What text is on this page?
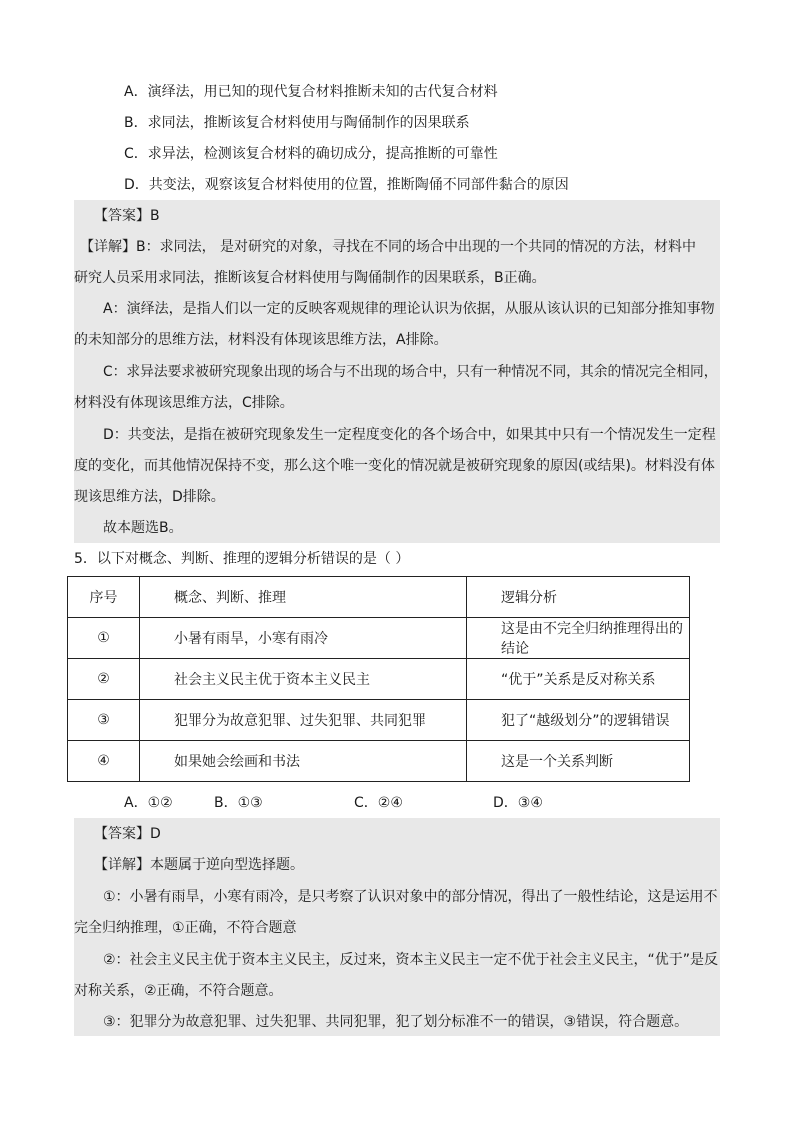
A．演绎法，用已知的现代复合材料推断未知的古代复合材料
B．求同法，推断该复合材料使用与陶俑制作的因果联系
C．求异法，检测该复合材料的确切成分，提高推断的可靠性
D．共变法，观察该复合材料使用的位置，推断陶俑不同部件黏合的原因
【答案】B
【详解】B：求同法， 是对研究的对象，寻找在不同的场合中出现的一个共同的情况的方法，材料中
研究人员采用求同法，推断该复合材料使用与陶俑制作的因果联系，B正确。
A：演绎法，是指人们以一定的反映客观规律的理论认识为依据，从服从该认识的已知部分推知事物
的未知部分的思维方法，材料没有体现该思维方法，A排除。
C：求异法要求被研究现象出现的场合与不出现的场合中，只有一种情况不同，其余的情况完全相同，
材料没有体现该思维方法，C排除。
D：共变法，是指在被研究现象发生一定程度变化的各个场合中，如果其中只有一个情况发生一定程
度的变化，而其他情况保持不变，那么这个唯一变化的情况就是被研究现象的原因(或结果)。材料没有体
现该思维方法，D排除。
故本题选B。
5．以下对概念、判断、推理的逻辑分析错误的是（ ）
序号	概念、判断、推理	逻辑分析
①	小暑有雨旱，小寒有雨冷	这是由不完全归纳推理得出的结论
②	社会主义民主优于资本主义民主	“优于”关系是反对称关系
③	犯罪分为故意犯罪、过失犯罪、共同犯罪	犯了“越级划分”的逻辑错误
④	如果她会绘画和书法	这是一个关系判断
A．①②	B．①③	C．②④	D．③④
【答案】D
【详解】本题属于逆向型选择题。
①：小暑有雨旱，小寒有雨冷，是只考察了认识对象中的部分情况，得出了一般性结论，这是运用不
完全归纳推理，①正确，不符合题意
②：社会主义民主优于资本主义民主，反过来，资本主义民主一定不优于社会主义民主，“优于”是反
对称关系，②正确，不符合题意。
③：犯罪分为故意犯罪、过失犯罪、共同犯罪，犯了划分标准不一的错误，③错误，符合题意。
